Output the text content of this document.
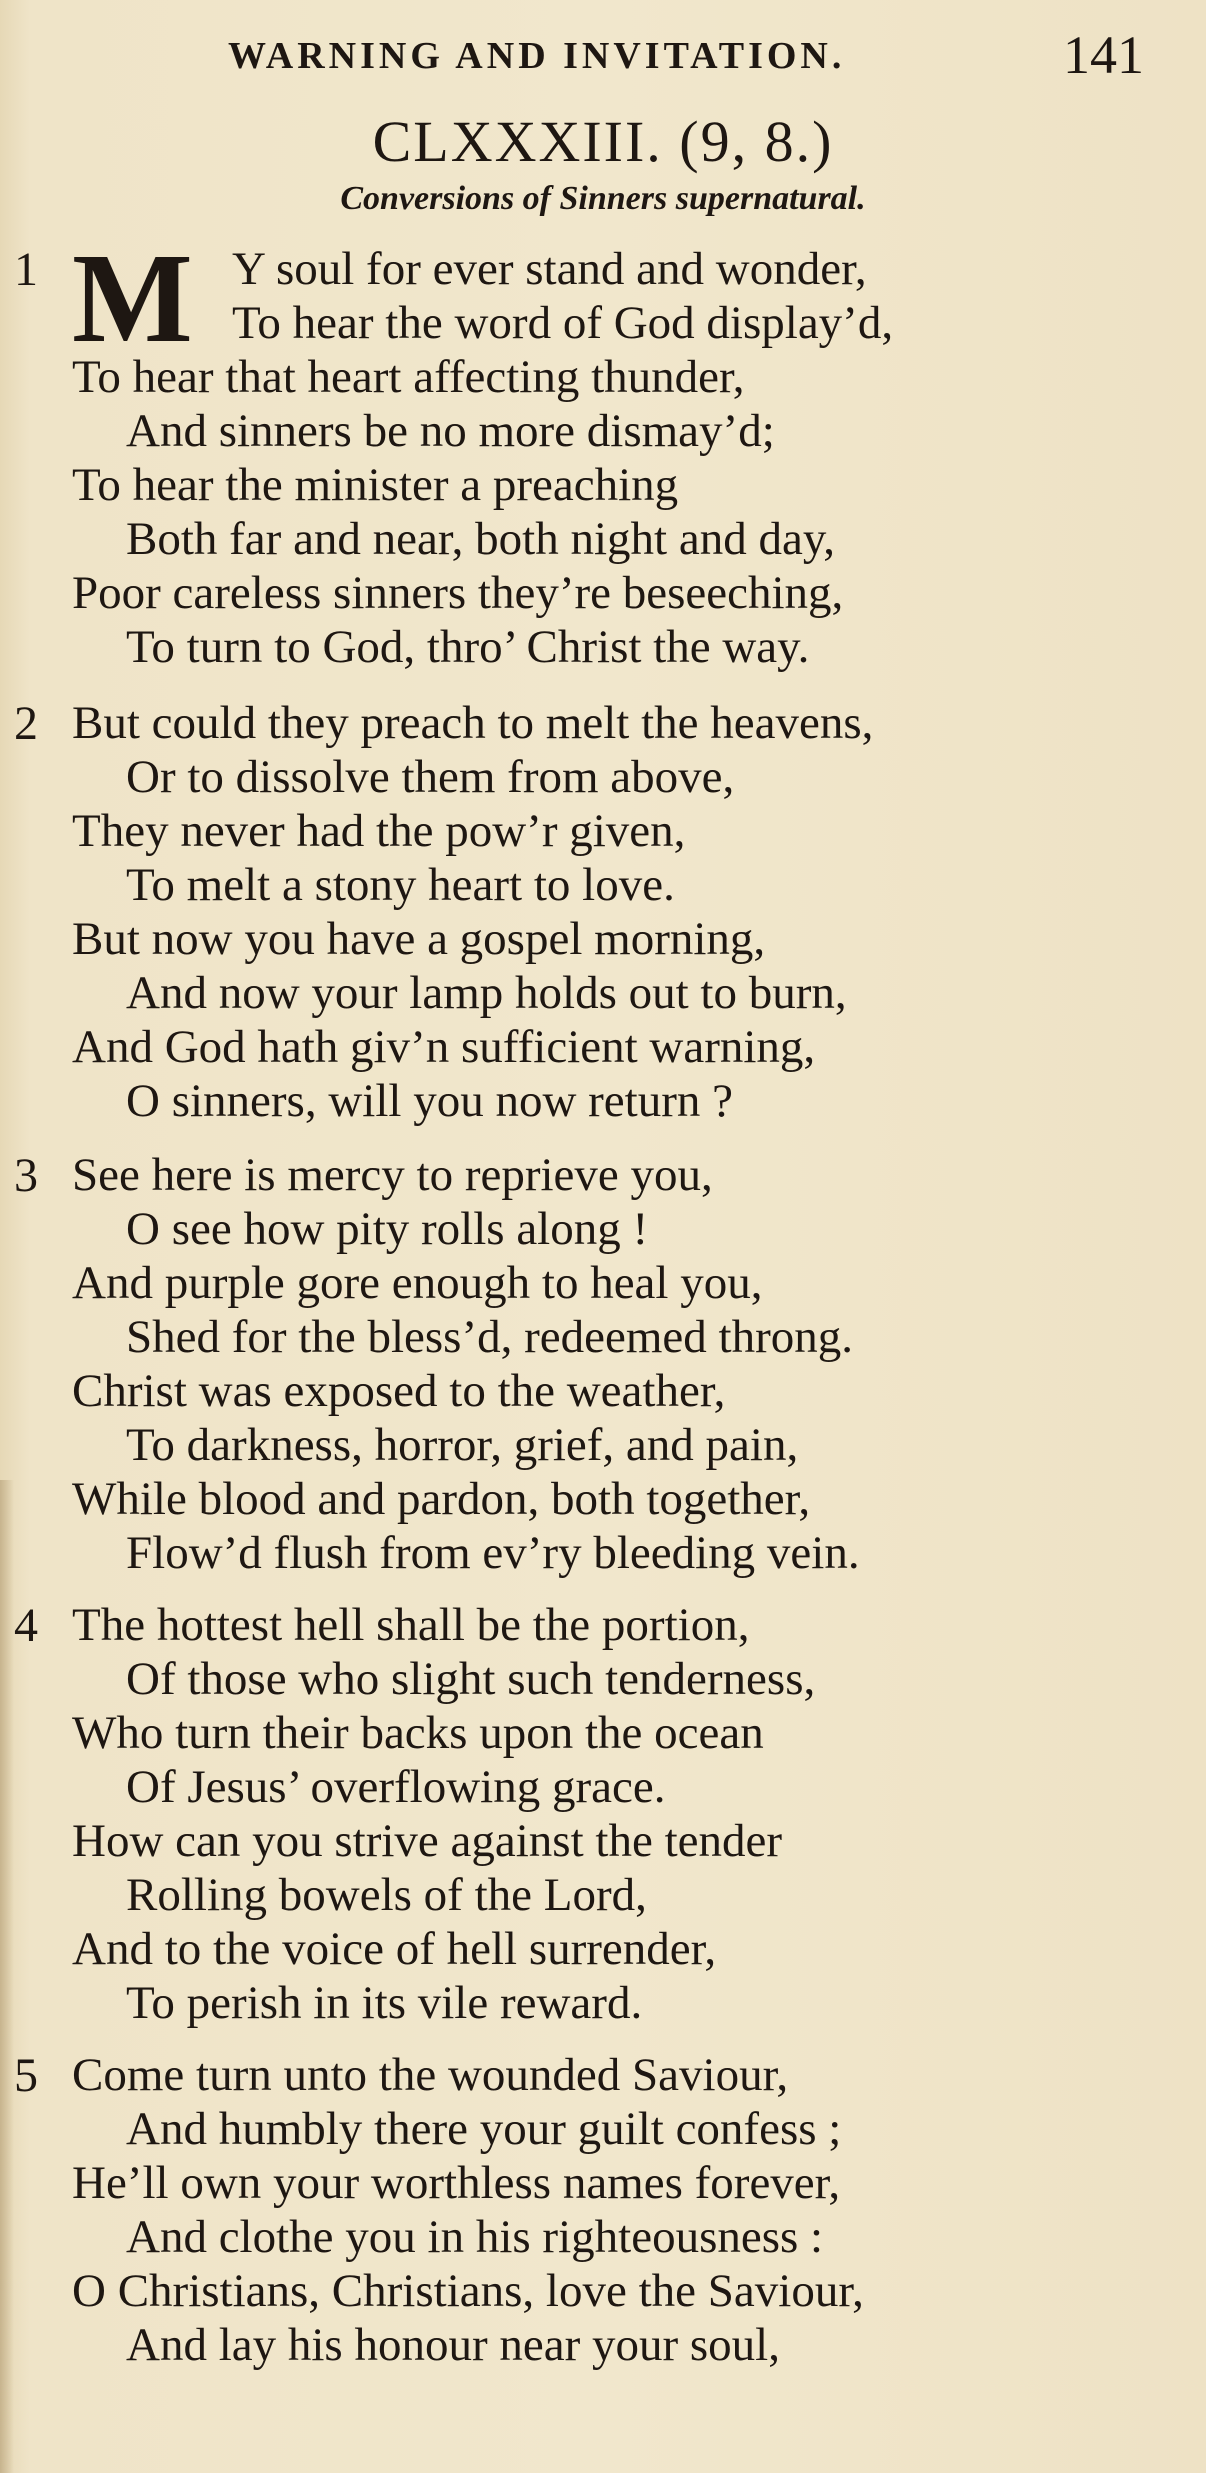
WARNING AND INVITATION.	141
CLXXXIII. (9, 8.)
Conversions of Sinners supernatural.
1 M Y soul for ever stand and wonder,
To hear the word of God display’d,
To hear that heart affecting thunder,
And sinners be no more dismay’d;
To hear the minister a preaching
Both far and near, both night and day,
Poor careless sinners they’re beseeching,
To turn to God, thro’ Christ the way.
2 But could they preach to melt the heavens,
Or to dissolve them from above,
They never had the pow’r given,
To melt a stony heart to love.
But now you have a gospel morning,
And now your lamp holds out to burn,
And God hath giv’n sufficient warning,
O sinners, will you now return ?
3 See here is mercy to reprieve you,
O see how pity rolls along !
And purple gore enough to heal you,
Shed for the bless’d, redeemed throng.
Christ was exposed to the weather,
To darkness, horror, grief, and pain,
While blood and pardon, both together,
Flow’d flush from ev’ry bleeding vein.
4 The hottest hell shall be the portion,
Of those who slight such tenderness,
Who turn their backs upon the ocean
Of Jesus’ overflowing grace.
How can you strive against the tender
Rolling bowels of the Lord,
And to the voice of hell surrender,
To perish in its vile reward.
5 Come turn unto the wounded Saviour,
And humbly there your guilt confess ;
He’ll own your worthless names forever,
And clothe you in his righteousness :
O Christians, Christians, love the Saviour,
And lay his honour near your soul,
